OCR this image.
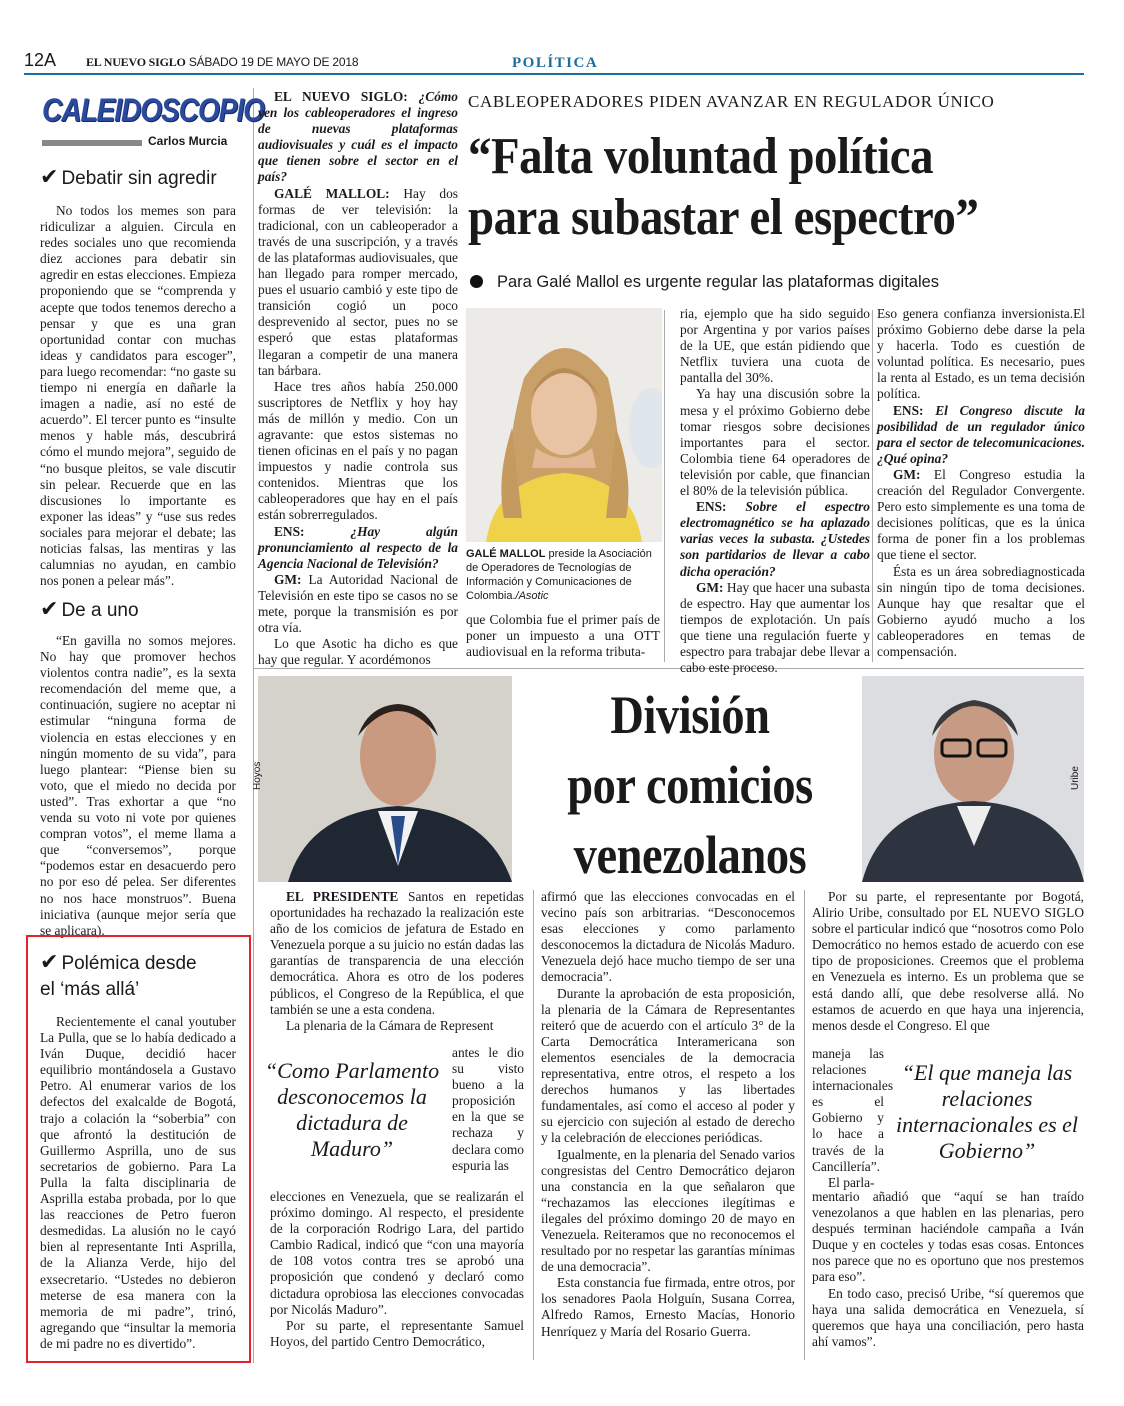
12A EL NUEVO SIGLO SÁBADO 19 DE MAYO DE 2018	POLÍTICA
CALEIDOSCOPIO
Carlos Murcia
✔ Debatir sin agredir

No todos los memes son para ridiculizar a alguien. Circula en redes sociales uno que recomienda diez acciones para debatir sin agredir en estas elecciones. Empieza proponiendo que se “comprenda y acepte que todos tenemos derecho a pensar y que es una gran oportunidad contar con muchas ideas y candidatos para escoger”, para luego recomendar: “no gaste su tiempo ni energía en dañarle la imagen a nadie, así no esté de acuerdo”. El tercer punto es “insulte menos y hable más, descubrirá cómo el mundo mejora”, seguido de “no busque pleitos, se vale discutir sin pelear. Recuerde que en las discusiones lo importante es exponer las ideas” y “use sus redes sociales para mejorar el debate; las noticias falsas, las mentiras y las calumnias no ayudan, en cambio nos ponen a pelear más”.

✔ De a uno

“En gavilla no somos mejores. No hay que promover hechos violentos contra nadie”, es la sexta recomendación del meme que, a continuación, sugiere no aceptar ni estimular “ninguna forma de violencia en estas elecciones y en ningún momento de su vida”, para luego plantear: “Piense bien su voto, que el miedo no decida por usted”. Tras exhortar a que “no venda su voto ni vote por quienes compran votos”, el meme llama a que “conversemos”, porque “podemos estar en desacuerdo pero no por eso dé pelea. Ser diferentes no nos hace monstruos”. Buena iniciativa (aunque mejor sería que se aplicara).

✔ Polémica desde
el ‘más allá’

Recientemente el canal youtuber La Pulla, que se lo había dedicado a Iván Duque, decidió hacer equilibrio montándosela a Gustavo Petro. Al enumerar varios de los defectos del exalcalde de Bogotá, trajo a colación la “soberbia” con que afrontó la destitución de Guillermo Asprilla, uno de sus secretarios de gobierno. Para La Pulla la falta disciplinaria de Asprilla estaba probada, por lo que las reacciones de Petro fueron desmedidas. La alusión no le cayó bien al representante Inti Asprilla, de la Alianza Verde, hijo del exsecretario. “Ustedes no debieron meterse de esa manera con la memoria de mi padre”, trinó, agregando que “insultar la memoria de mi padre no es divertido”.

EL NUEVO SIGLO: ¿Cómo ven los cableoperadores el ingreso de nuevas plataformas audiovisuales y cuál es el impacto que tienen sobre el sector en el país?

GALÉ MALLOL: Hay dos formas de ver televisión: la tradicional, con un cableoperador a través de una suscripción, y a través de las plataformas audiovisuales, que han llegado para romper mercado, pues el usuario cambió y este tipo de transición cogió un poco desprevenido al sector, pues no se esperó que estas plataformas llegaran a competir de una manera tan bárbara.

Hace tres años había 250.000 suscriptores de Netflix y hoy hay más de millón y medio. Con un agravante: que estos sistemas no tienen oficinas en el país y no pagan impuestos y nadie controla sus contenidos. Mientras que los cableoperadores que hay en el país están sobrerregulados.

ENS: ¿Hay algún pronunciamiento al respecto de la Agencia Nacional de Televisión?

GM: La Autoridad Nacional de Televisión en este tipo se casos no se mete, porque la transmisión es por otra vía.

Lo que Asotic ha dicho es que hay que regular. Y acordémonos

CABLEOPERADORES PIDEN AVANZAR EN REGULADOR ÚNICO
“Falta voluntad política para subastar el espectro”
Para Galé Mallol es urgente regular las plataformas digitales
GALÉ MALLOL preside la Asociación de Operadores de Tecnologías de Información y Comunicaciones de Colombia./Asotic

que Colombia fue el primer país de poner un impuesto a una OTT audiovisual en la reforma tributa-

ria, ejemplo que ha sido seguido por Argentina y por varios países de la UE, que están pidiendo que Netflix tuviera una cuota de pantalla del 30%.

Ya hay una discusión sobre la mesa y el próximo Gobierno debe tomar riesgos sobre decisiones importantes para el sector. Colombia tiene 64 operadores de televisión por cable, que financian el 80% de la televisión pública.

ENS: Sobre el espectro electromagnético se ha aplazado varias veces la subasta. ¿Ustedes son partidarios de llevar a cabo dicha operación?

GM: Hay que hacer una subasta de espectro. Hay que aumentar los tiempos de explotación. Un país que tiene una regulación fuerte y espectro para trabajar debe llevar a cabo este proceso.

Eso genera confianza inversionista.El próximo Gobierno debe darse la pela y hacerla. Todo es cuestión de voluntad política. Es necesario, pues la renta al Estado, es un tema decisión política.

ENS: El Congreso discute la posibilidad de un regulador único para el sector de telecomunicaciones. ¿Qué opina?

GM: El Congreso estudia la creación del Regulador Convergente. Pero esto simplemente es una toma de decisiones políticas, que es la única forma de poner fin a los problemas que tiene el sector.

Ésta es un área sobrediagnosticada sin ningún tipo de toma decisiones. Aunque hay que resaltar que el Gobierno ayudó mucho a los cableoperadores en temas de compensación.

Hoyos
División
por comicios
venezolanos
Uribe

EL PRESIDENTE Santos en repetidas oportunidades ha rechazado la realización este año de los comicios de jefatura de Estado en Venezuela porque a su juicio no están dadas las garantías de transparencia de una elección democrática. Ahora es otro de los poderes públicos, el Congreso de la República, el que también se une a esta condena.

La plenaria de la Cámara de Represent

“Como Parlamento desconocemos la dictadura de Maduro”

antes le dio su visto bueno a la proposición en la que se rechaza y declara como espuria las

elecciones en Venezuela, que se realizarán el próximo domingo. Al respecto, el presidente de la corporación Rodrigo Lara, del partido Cambio Radical, indicó que “con una mayoría de 108 votos contra tres se aprobó una proposición que condenó y declaró como dictadura oprobiosa las elecciones convocadas por Nicolás Maduro”.

Por su parte, el representante Samuel Hoyos, del partido Centro Democrático,

afirmó que las elecciones convocadas en el vecino país son arbitrarias. “Desconocemos esas elecciones y como parlamento desconocemos la dictadura de Nicolás Maduro. Venezuela dejó hace mucho tiempo de ser una democracia”.

Durante la aprobación de esta proposición, la plenaria de la Cámara de Representantes reiteró que de acuerdo con el artículo 3° de la Carta Democrática Interamericana son elementos esenciales de la democracia representativa, entre otros, el respeto a los derechos humanos y las libertades fundamentales, así como el acceso al poder y su ejercicio con sujeción al estado de derecho y la celebración de elecciones periódicas.

Igualmente, en la plenaria del Senado varios congresistas del Centro Democrático dejaron una constancia en la que señalaron que “rechazamos las elecciones ilegítimas e ilegales del próximo domingo 20 de mayo en Venezuela. Reiteramos que no reconocemos el resultado por no respetar las garantías mínimas de una democracia”.

Esta constancia fue firmada, entre otros, por los senadores Paola Holguín, Susana Correa, Alfredo Ramos, Ernesto Macías, Honorio Henríquez y María del Rosario Guerra.

Por su parte, el representante por Bogotá, Alirio Uribe, consultado por EL NUEVO SIGLO sobre el particular indicó que “nosotros como Polo Democrático no hemos estado de acuerdo con ese tipo de proposiciones. Creemos que el problema en Venezuela es interno. Es un problema que se está dando allí, que debe resolverse allá. No estamos de acuerdo en que haya una injerencia, menos desde el Congreso. El que

maneja las relaciones internacionales es el Gobierno y lo hace a través de la Cancillería”.

El parla-

“El que maneja las relaciones internacionales es el Gobierno”

mentario añadió que “aquí se han traído venezolanos a que hablen en las plenarias, pero después terminan haciéndole campaña a Iván Duque y en cocteles y todas esas cosas. Entonces nos parece que no es oportuno que nos prestemos para eso”.

En todo caso, precisó Uribe, “sí queremos que haya una salida democrática en Venezuela, sí queremos que haya una conciliación, pero hasta ahí vamos”.
